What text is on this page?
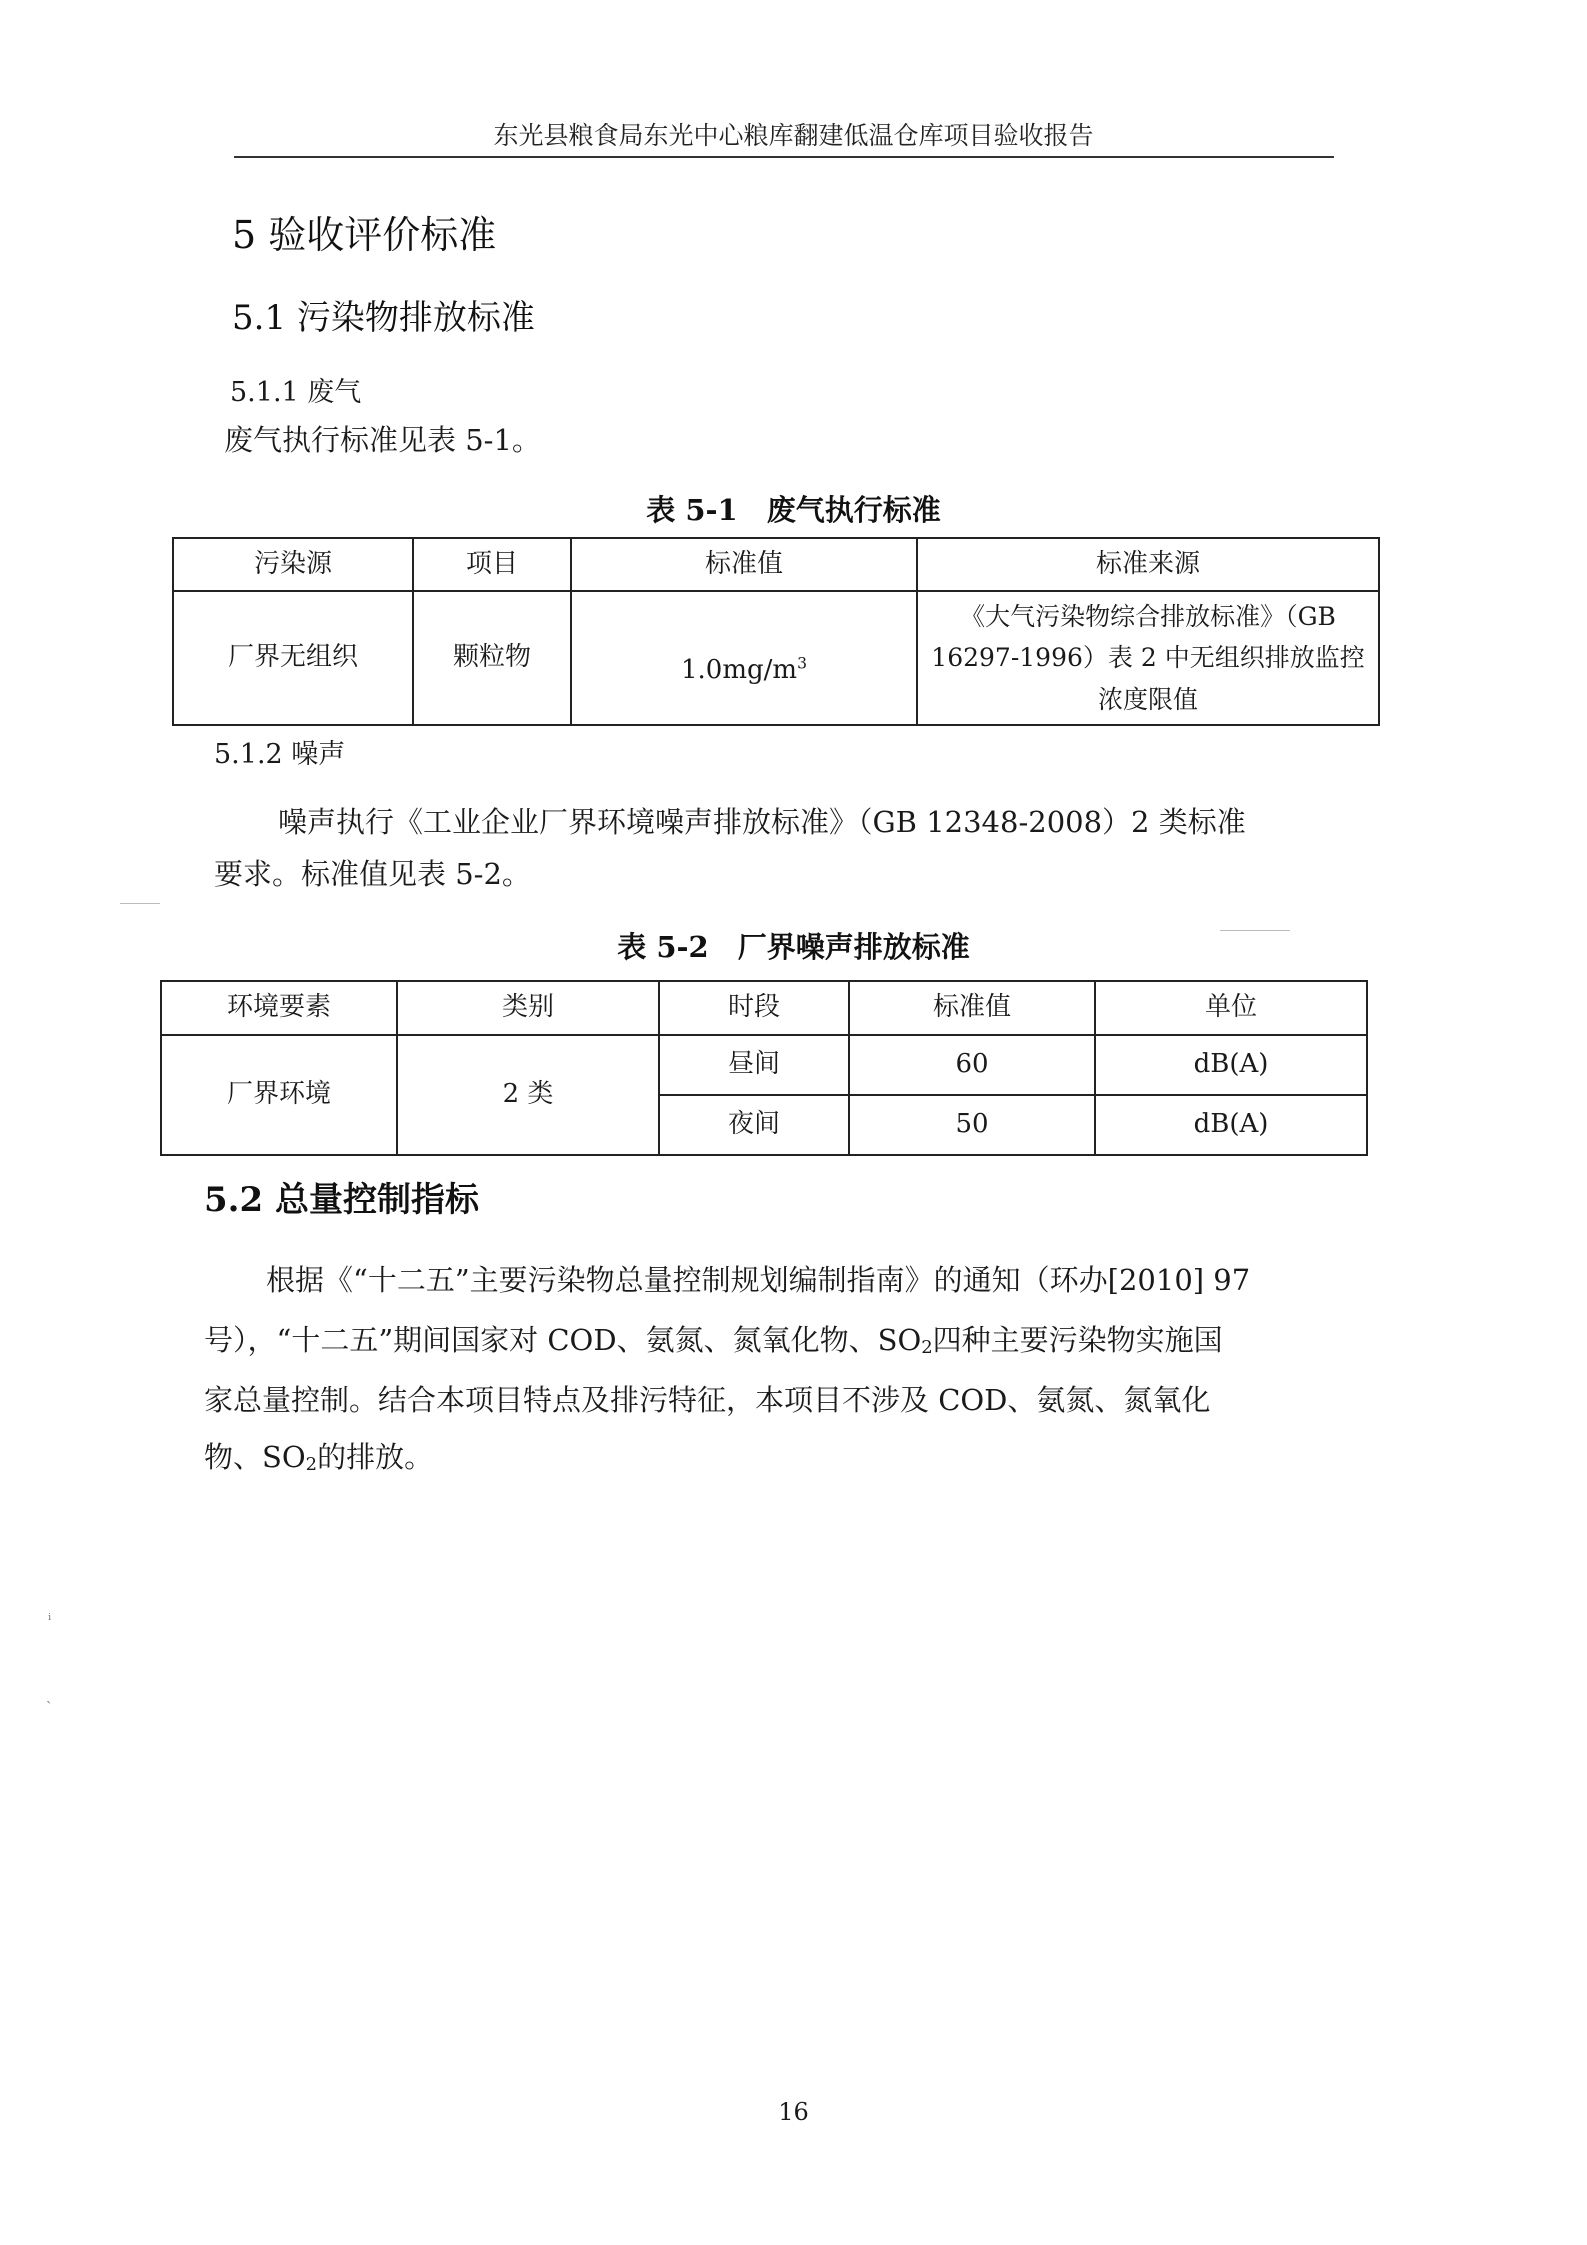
东光县粮食局东光中心粮库翻建低温仓库项目验收报告
5 验收评价标准
5.1 污染物排放标准
5.1.1 废气
废气执行标准见表 5-1。
表 5-1　废气执行标准
污染源	项目	标准值	标准来源
厂界无组织	颗粒物	$1.0mg/m^3$	《大气污染物综合排放标准》（GB 16297-1996）表 2 中无组织排放监控浓度限值
5.1.2 噪声
噪声执行《工业企业厂界环境噪声排放标准》（GB 12348-2008）2 类标准
要求。标准值见表 5-2。
ᵢ
˴
表 5-2　厂界噪声排放标准
环境要素	类别	时段	标准值	单位
厂界环境	2 类	昼间	60	dB(A)
		夜间	50	dB(A)
5.2 总量控制指标
根据《“十二五”主要污染物总量控制规划编制指南》的通知（环办[2010] 97
号），“十二五”期间国家对 COD、氨氮、氮氧化物、$SO_2$四种主要污染物实施国
家总量控制。结合本项目特点及排污特征，本项目不涉及 COD、氨氮、氮氧化
物、$SO_2$的排放。
16
